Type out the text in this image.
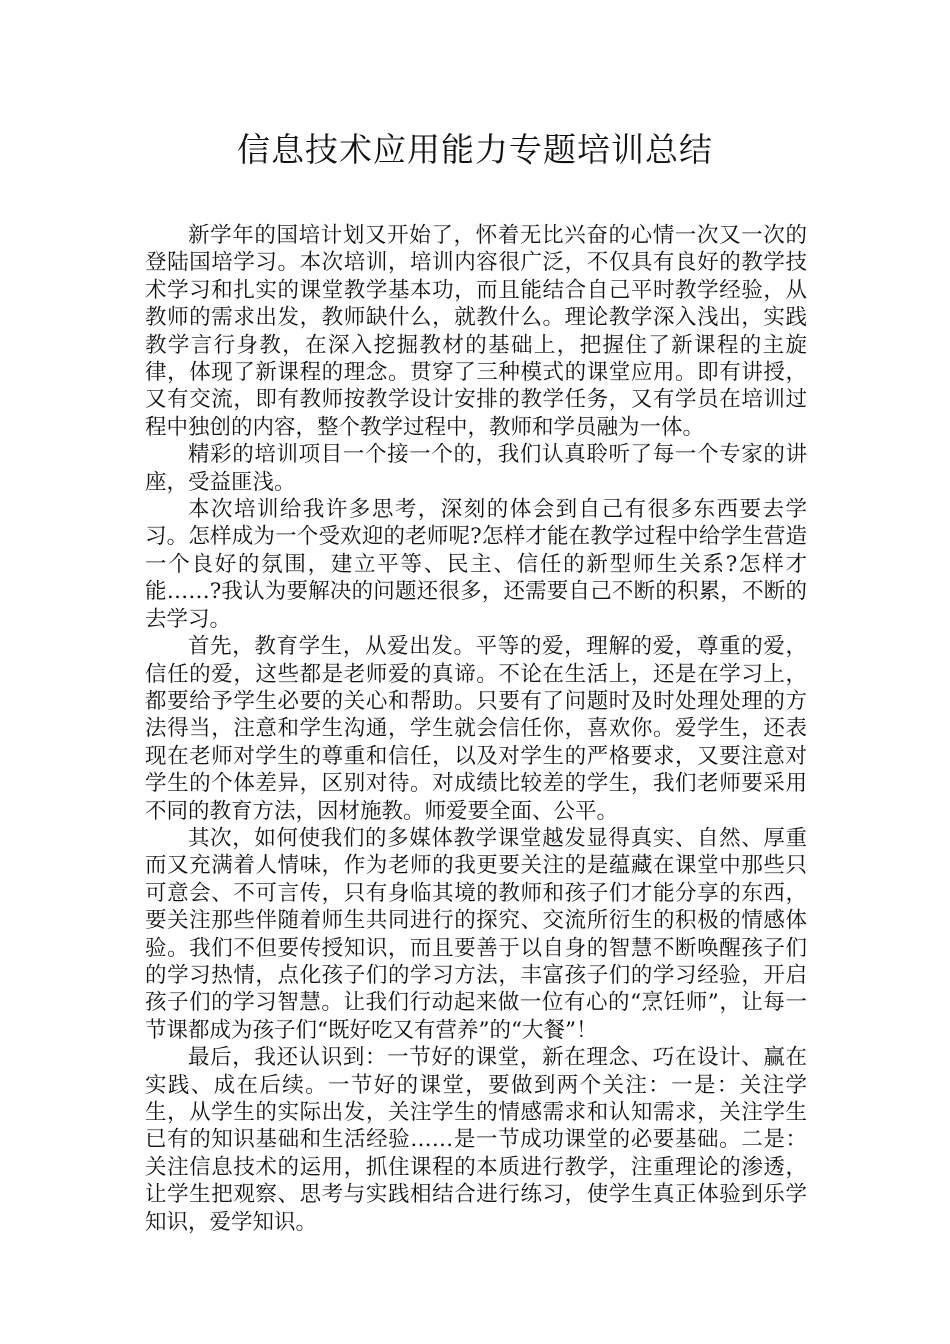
信息技术应用能力专题培训总结

新学年的国培计划又开始了，怀着无比兴奋的心情一次又一次的登陆国培学习。本次培训，培训内容很广泛，不仅具有良好的教学技术学习和扎实的课堂教学基本功，而且能结合自己平时教学经验，从教师的需求出发，教师缺什么，就教什么。理论教学深入浅出，实践教学言行身教，在深入挖掘教材的基础上，把握住了新课程的主旋律，体现了新课程的理念。贯穿了三种模式的课堂应用。即有讲授，又有交流，即有教师按教学设计安排的教学任务，又有学员在培训过程中独创的内容，整个教学过程中，教师和学员融为一体。

精彩的培训项目一个接一个的，我们认真聆听了每一个专家的讲座，受益匪浅。

本次培训给我许多思考，深刻的体会到自己有很多东西要去学习。怎样成为一个受欢迎的老师呢?怎样才能在教学过程中给学生营造一个良好的氛围，建立平等、民主、信任的新型师生关系?怎样才能……?我认为要解决的问题还很多，还需要自己不断的积累，不断的去学习。

首先，教育学生，从爱出发。平等的爱，理解的爱，尊重的爱，信任的爱，这些都是老师爱的真谛。不论在生活上，还是在学习上，都要给予学生必要的关心和帮助。只要有了问题时及时处理处理的方法得当，注意和学生沟通，学生就会信任你，喜欢你。爱学生，还表现在老师对学生的尊重和信任，以及对学生的严格要求，又要注意对学生的个体差异，区别对待。对成绩比较差的学生，我们老师要采用不同的教育方法，因材施教。师爱要全面、公平。

其次，如何使我们的多媒体教学课堂越发显得真实、自然、厚重而又充满着人情味，作为老师的我更要关注的是蕴藏在课堂中那些只可意会、不可言传，只有身临其境的教师和孩子们才能分享的东西，要关注那些伴随着师生共同进行的探究、交流所衍生的积极的情感体验。我们不但要传授知识，而且要善于以自身的智慧不断唤醒孩子们的学习热情，点化孩子们的学习方法，丰富孩子们的学习经验，开启孩子们的学习智慧。让我们行动起来做一位有心的“烹饪师”，让每一节课都成为孩子们“既好吃又有营养”的“大餐”！

最后，我还认识到：一节好的课堂，新在理念、巧在设计、赢在实践、成在后续。一节好的课堂，要做到两个关注：一是：关注学生，从学生的实际出发，关注学生的情感需求和认知需求，关注学生已有的知识基础和生活经验……是一节成功课堂的必要基础。二是：关注信息技术的运用，抓住课程的本质进行教学，注重理论的渗透，让学生把观察、思考与实践相结合进行练习，使学生真正体验到乐学知识，爱学知识。
